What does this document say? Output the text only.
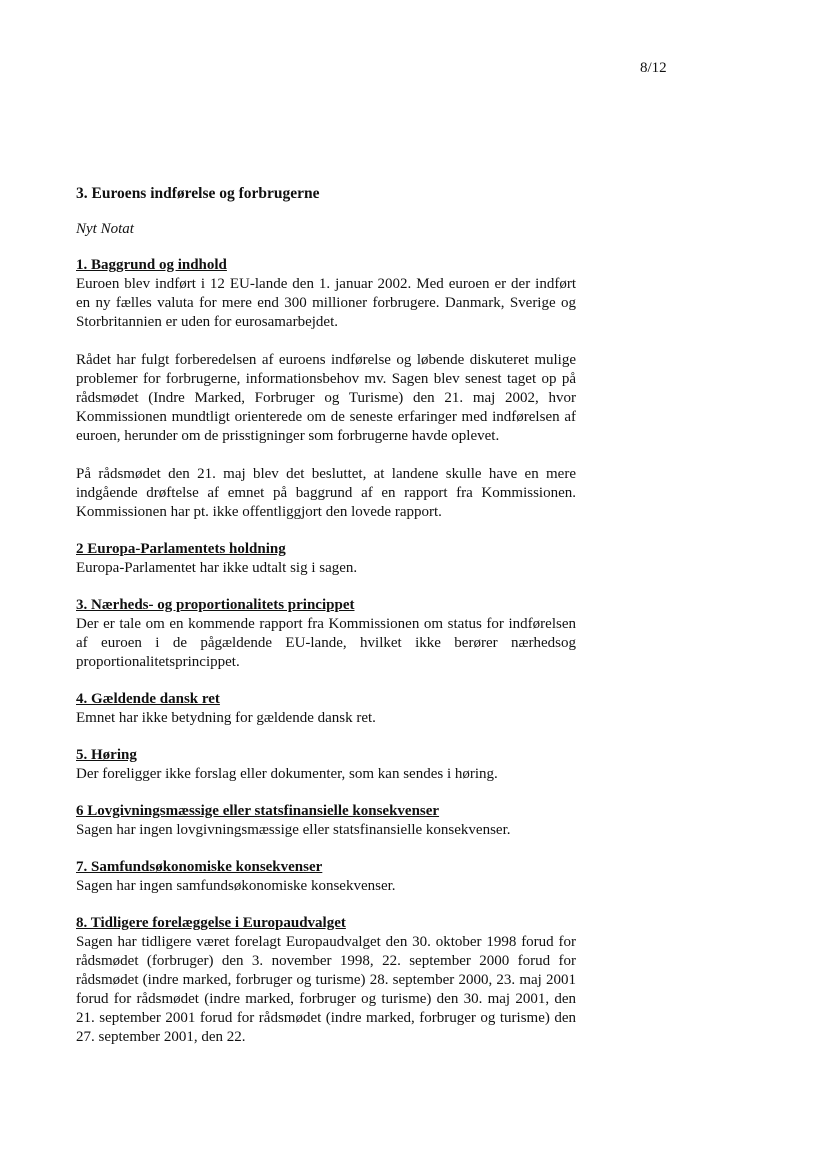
8/12
3. Euroens indførelse og forbrugerne
Nyt Notat
1. Baggrund og indhold

Euroen blev indført i 12 EU-lande den 1. januar 2002. Med euroen er der indført en ny fælles valuta for mere end 300 millioner forbrugere. Danmark, Sverige og Storbritannien er uden for eurosamarbejdet.

Rådet har fulgt forberedelsen af euroens indførelse og løbende diskuteret mulige problemer for forbrugerne, informationsbehov mv. Sagen blev senest taget op på rådsmødet (Indre Marked, Forbruger og Turisme) den 21. maj 2002, hvor Kommissionen mundtligt orienterede om de seneste erfaringer med indførelsen af euroen, herunder om de prisstigninger som forbrugerne havde oplevet.

På rådsmødet den 21. maj blev det besluttet, at landene skulle have en mere indgående drøftelse af emnet på baggrund af en rapport fra Kommissionen. Kommissionen har pt. ikke offentliggjort den lovede rapport.

2 Europa-Parlamentets holdning

Europa-Parlamentet har ikke udtalt sig i sagen.

3. Nærheds- og proportionalitets princippet

Der er tale om en kommende rapport fra Kommissionen om status for indførelsen af euroen i de pågældende EU-lande, hvilket ikke berører nærhedsog proportionalitetsprincippet.

4. Gældende dansk ret

Emnet har ikke betydning for gældende dansk ret.

5. Høring

Der foreligger ikke forslag eller dokumenter, som kan sendes i høring.

6 Lovgivningsmæssige eller statsfinansielle konsekvenser

Sagen har ingen lovgivningsmæssige eller statsfinansielle konsekvenser.

7. Samfundsøkonomiske konsekvenser

Sagen har ingen samfundsøkonomiske konsekvenser.

8. Tidligere forelæggelse i Europaudvalget

Sagen har tidligere været forelagt Europaudvalget den 30. oktober 1998 forud for rådsmødet (forbruger) den 3. november 1998, 22. september 2000 forud for rådsmødet (indre marked, forbruger og turisme) 28. september 2000, 23. maj 2001 forud for rådsmødet (indre marked, forbruger og turisme) den 30. maj 2001, den 21. september 2001 forud for rådsmødet (indre marked, forbruger og turisme) den 27. september 2001, den 22.
